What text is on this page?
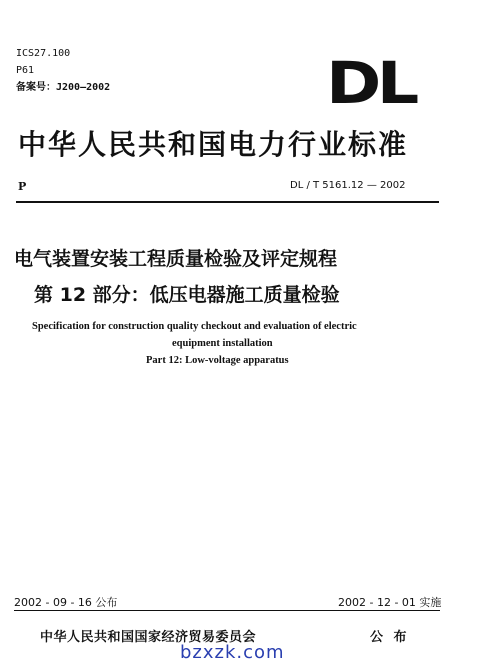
ICS27.100
P61
备案号：J200—2002	DL
中华人民共和国电力行业标准
P	DL / T 5161.12 — 2002
电气装置安装工程质量检验及评定规程
第 12 部分：低压电器施工质量检验
Specification for construction quality checkout and evaluation of electric
equipment installation
Part 12: Low-voltage apparatus
2002 - 09 - 16 公布	2002 - 12 - 01 实施
中华人民共和国国家经济贸易委员会	公 布
bzxzk.com
